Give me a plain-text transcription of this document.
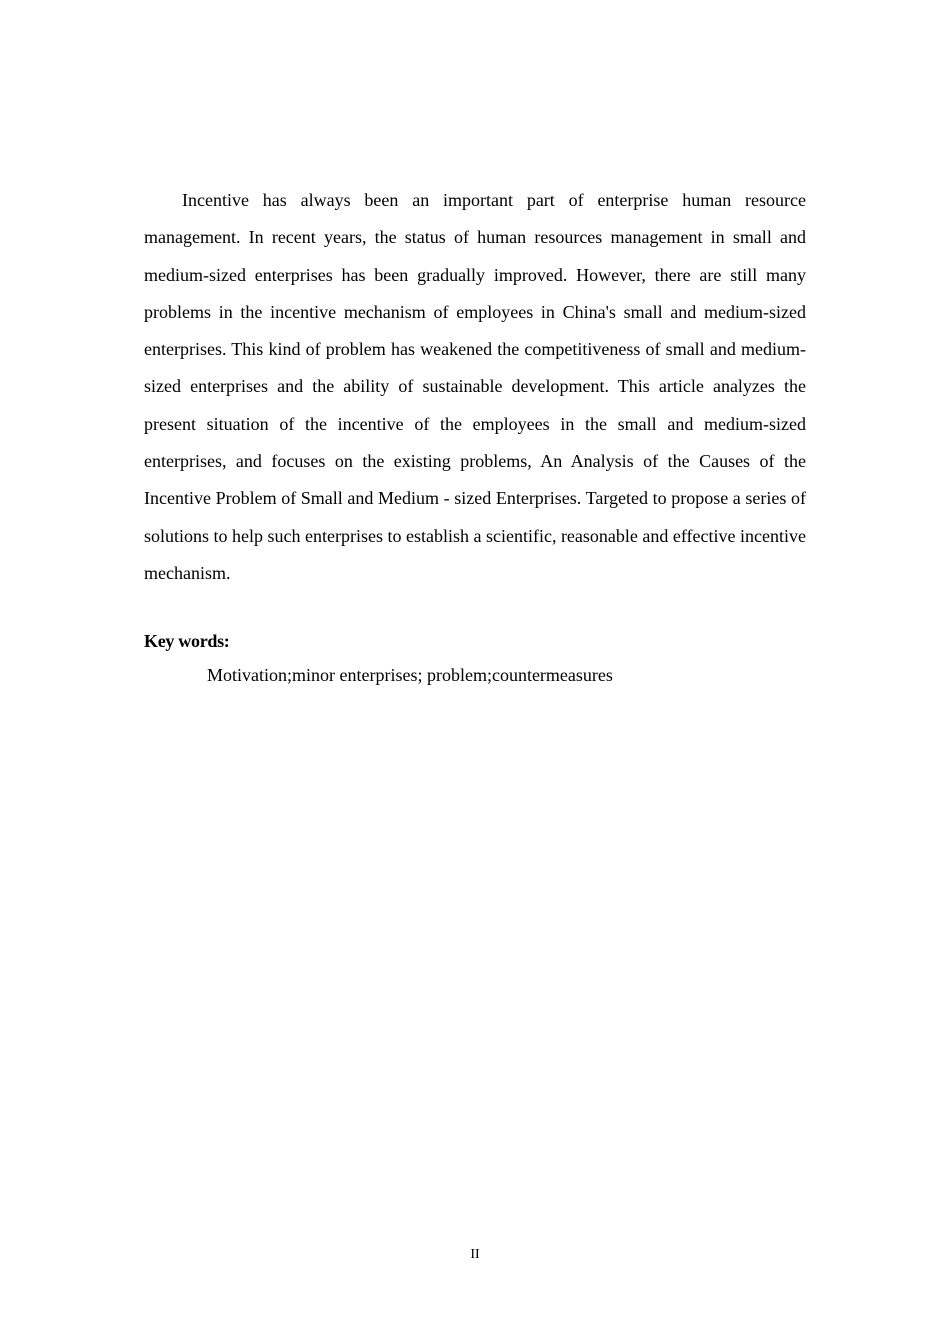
Incentive has always been an important part of enterprise human resource management. In recent years, the status of human resources management in small and medium-sized enterprises has been gradually improved. However, there are still many problems in the incentive mechanism of employees in China's small and medium-sized enterprises. This kind of problem has weakened the competitiveness of small and medium-sized enterprises and the ability of sustainable development. This article analyzes the present situation of the incentive of the employees in the small and medium-sized enterprises, and focuses on the existing problems, An Analysis of the Causes of the Incentive Problem of Small and Medium - sized Enterprises. Targeted to propose a series of solutions to help such enterprises to establish a scientific, reasonable and effective incentive mechanism.

Key words:

Motivation;minor enterprises; problem;countermeasures

II
